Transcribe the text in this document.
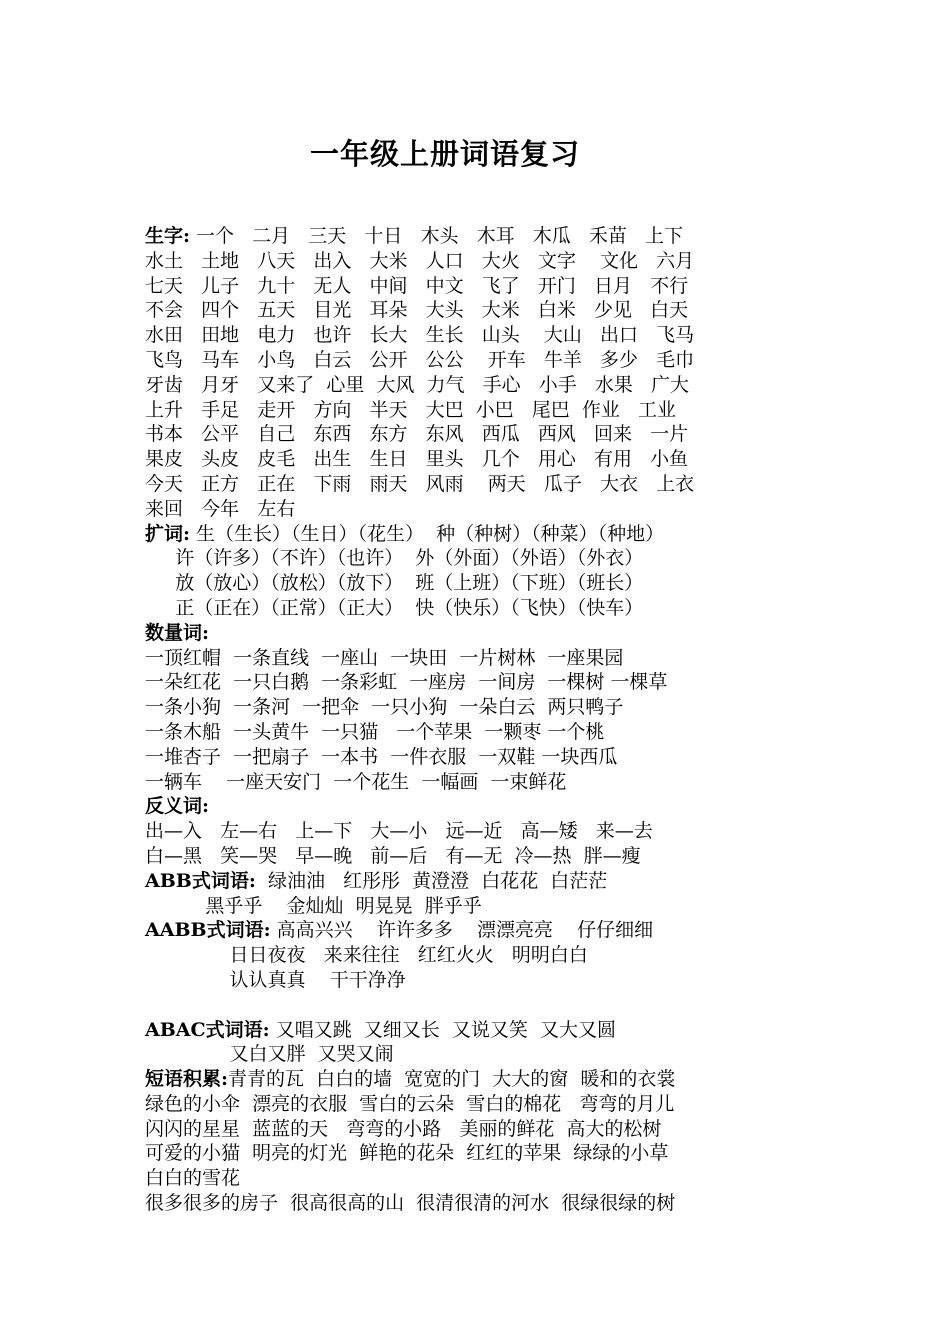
一年级上册词语复习
生字: 一个   二月   三天   十日   木头   木耳   木瓜   禾苗   上下
水土   土地   八天   出入   大米   人口   大火   文字    文化   六月
七天   儿子   九十   无人   中间   中文   飞了   开门   日月   不行
不会   四个   五天   目光   耳朵   大头   大米   白米   少见   白天
水田   田地   电力   也许   长大   生长   山头    大山   出口   飞马
飞鸟   马车   小鸟   白云   公开   公公    开车   牛羊   多少   毛巾
牙齿   月牙   又来了  心里  大风  力气   手心   小手   水果   广大
上升   手足   走开   方向   半天   大巴  小巴   尾巴  作业   工业
书本   公平   自己   东西   东方   东风   西瓜   西风   回来   一片
果皮   头皮   皮毛   出生   生日   里头   几个   用心   有用   小鱼
今天   正方   正在   下雨   雨天   风雨    两天   瓜子   大衣   上衣
来回   今年   左右
扩词: 生（生长）（生日）（花生）  种（种树）（种菜）（种地）
许（许多）（不许）（也许）  外（外面）（外语）（外衣）
放（放心）（放松）（放下）  班（上班）（下班）（班长）
正（正在）（正常）（正大）  快（快乐）（飞快）（快车）
数量词:
一顶红帽  一条直线  一座山  一块田  一片树林  一座果园
一朵红花  一只白鹅  一条彩虹  一座房  一间房  一棵树 一棵草
一条小狗  一条河  一把伞  一只小狗  一朵白云  两只鸭子
一条木船  一头黄牛  一只猫   一个苹果  一颗枣 一个桃
一堆杏子  一把扇子  一本书  一件衣服  一双鞋 一块西瓜
一辆车    一座天安门  一个花生  一幅画  一束鲜花
反义词:
出—入   左—右   上—下   大—小   远—近   高—矮   来—去
白—黑   笑—哭   早—晚   前—后   有—无  冷—热  胖—瘦
ABB式词语:  绿油油   红彤彤  黄澄澄  白花花  白茫茫
黑乎乎    金灿灿  明晃晃  胖乎乎
AABB式词语: 高高兴兴    许许多多    漂漂亮亮    仔仔细细
日日夜夜   来来往往   红红火火   明明白白
认认真真    干干净净
ABAC式词语: 又唱又跳  又细又长  又说又笑  又大又圆
又白又胖  又哭又闹
短语积累:青青的瓦  白白的墙  宽宽的门  大大的窗  暖和的衣裳
绿色的小伞  漂亮的衣服  雪白的云朵  雪白的棉花   弯弯的月儿
闪闪的星星  蓝蓝的天   弯弯的小路   美丽的鲜花  高大的松树
可爱的小猫  明亮的灯光  鲜艳的花朵  红红的苹果  绿绿的小草
白白的雪花
很多很多的房子  很高很高的山  很清很清的河水  很绿很绿的树
